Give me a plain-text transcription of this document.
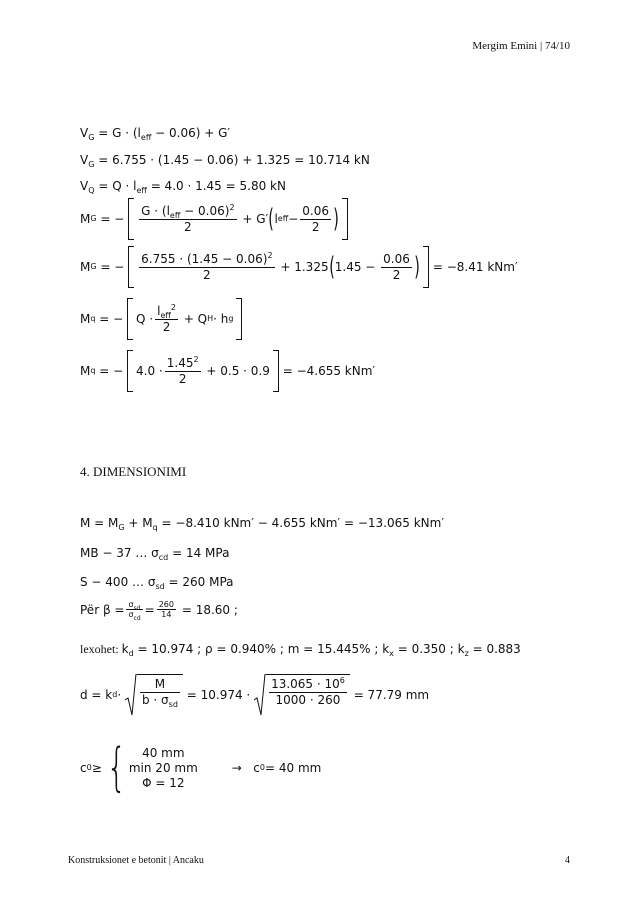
Mergim Emini | 74/10
$V_G = G \cdot (l_{eff} - 0.06) + G'$
$V_G = 6.755 \cdot (1.45 - 0.06) + 1.325 = 10.714$ kN
$V_Q = Q \cdot l_{eff} = 4.0 \cdot 1.45 = 5.80$ kN
M G
= −
$\frac{G \cdot (l_{eff} - 0.06)^2}{2}$
+ G′ ( l eff − $\frac{0.06}{2}$ )
M G
= −
$\frac{6.755 \cdot (1.45 - 0.06)^2}{2}$
+ 1.325 ( 1.45 −
$\frac{0.06}{2}$ )
= −8.41 kNm′
M q
= −
$Q \cdot \frac{l_{eff}^2}{2}$
+ Q H · h g
M q
= −
$4.0 \cdot \frac{1.45^2}{2}$
+ 0.5 · 0.9
= −4.655 kNm′
4. DIMENSIONIMI
$M = M_G + M_q = -8.410$ kNm′ − 4.655 kNm′ = −13.065 kNm′
MB − 37 … $\sigma_{cd} = 14$ MPa
S − 400 … $\sigma_{sd} = 260$ MPa
Për $\beta = \frac{\sigma_{sd}}{\sigma_{cd}} = \frac{260}{14}$
= 18.60 ;
lexohet: $k_d = 10.974$ ; ρ = 0.940% ; m = 15.445% ; $k_x = 0.350$ ; $k_z = 0.883$
d = k d ·
$\frac{M}{b \cdot \sigma_{sd}}$
= 10.974 ·
$\frac{13.065 \cdot 10^6}{1000 \cdot 260}$
= 77.79 mm
c 0 ≥ {	40 mm
min 20 mm
Φ = 12
→
c 0 = 40 mm
Konstruksionet e betonit | Ancaku	4
